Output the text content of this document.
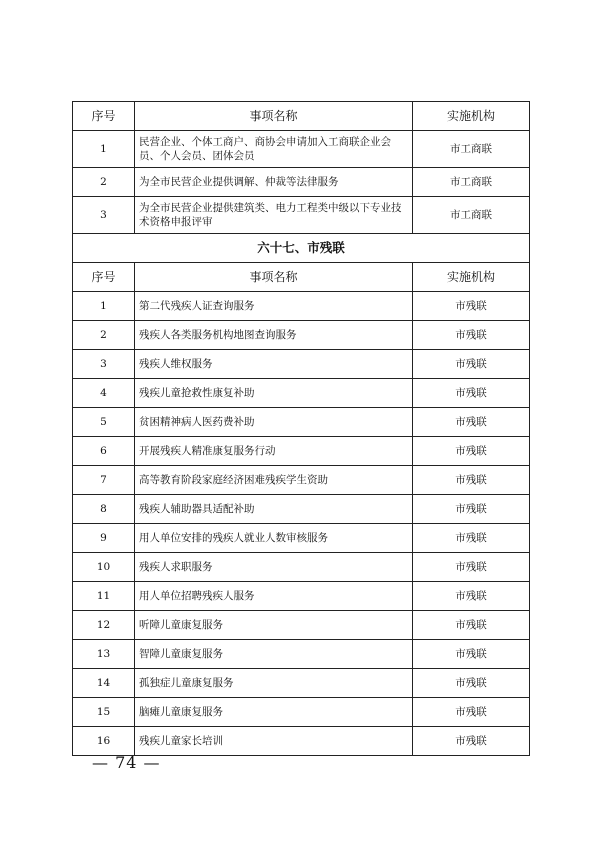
序号	事项名称	实施机构
1	民营企业、个体工商户、商协会申请加入工商联企业会员、个人会员、团体会员	市工商联
2	为全市民营企业提供调解、仲裁等法律服务	市工商联
3	为全市民营企业提供建筑类、电力工程类中级以下专业技术资格申报评审	市工商联
六十七、市残联		
序号	事项名称	实施机构
1	第二代残疾人证查询服务	市残联
2	残疾人各类服务机构地图查询服务	市残联
3	残疾人维权服务	市残联
4	残疾儿童抢救性康复补助	市残联
5	贫困精神病人医药费补助	市残联
6	开展残疾人精准康复服务行动	市残联
7	高等教育阶段家庭经济困难残疾学生资助	市残联
8	残疾人辅助器具适配补助	市残联
9	用人单位安排的残疾人就业人数审核服务	市残联
10	残疾人求职服务	市残联
11	用人单位招聘残疾人服务	市残联
12	听障儿童康复服务	市残联
13	智障儿童康复服务	市残联
14	孤独症儿童康复服务	市残联
15	脑瘫儿童康复服务	市残联
16	残疾儿童家长培训	市残联
— 74 —
